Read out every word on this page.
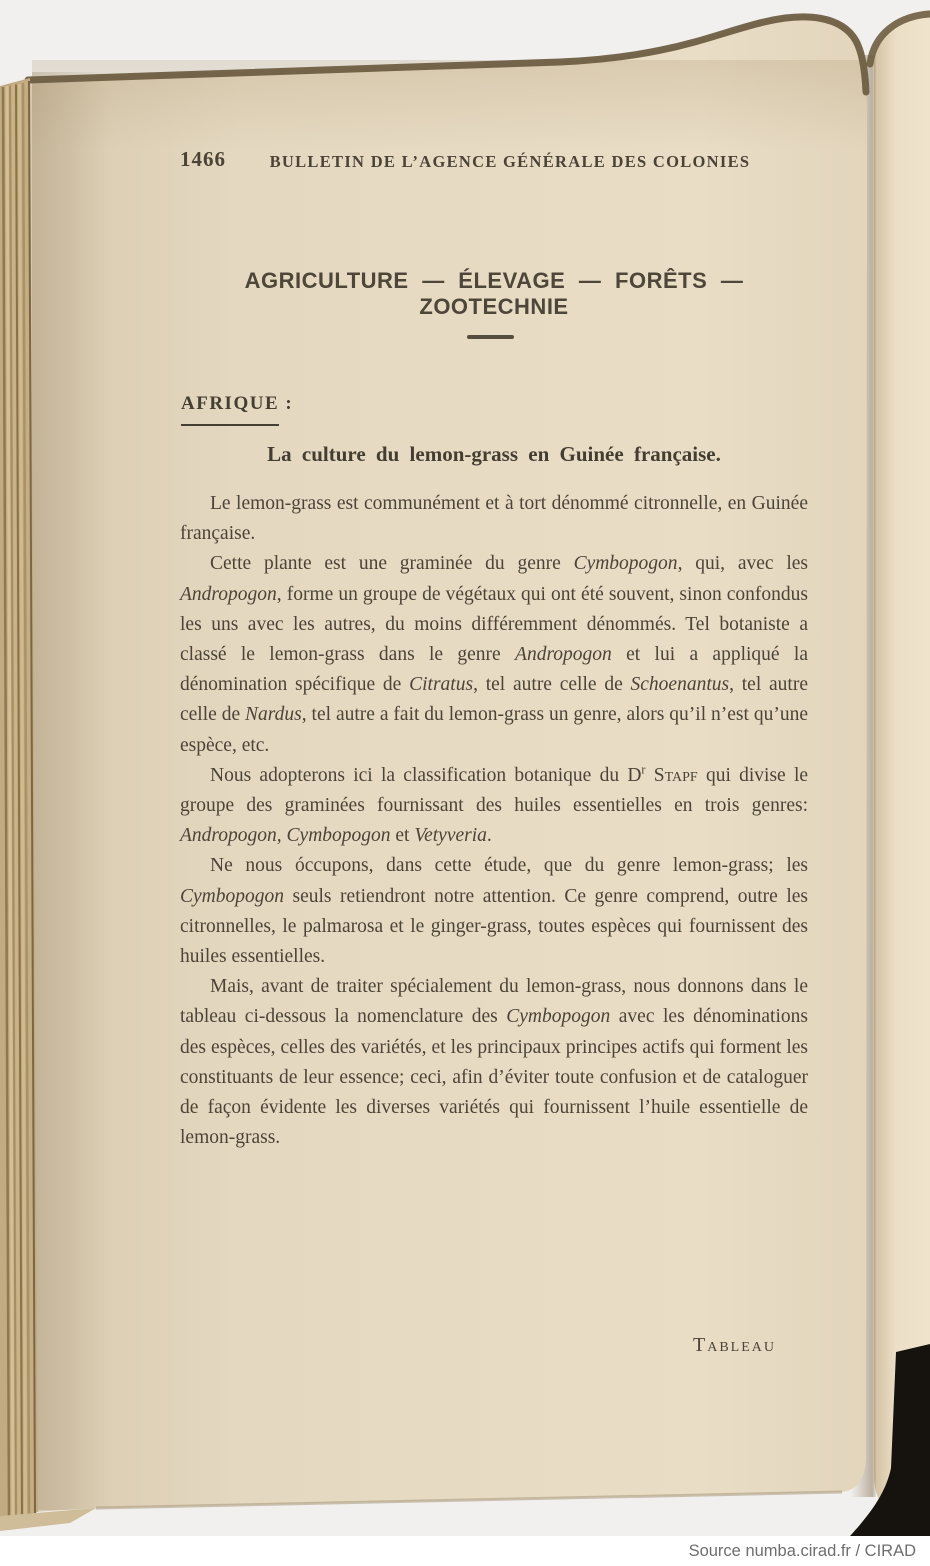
1466	BULLETIN DE L’AGENCE GÉNÉRALE DES COLONIES
AGRICULTURE — ÉLEVAGE — FORÊTS — ZOOTECHNIE
AFRIQUE :
La culture du lemon-grass en Guinée française.

Le lemon-grass est communément et à tort dénommé citronnelle, en Guinée française.

Cette plante est une graminée du genre Cymbopogon, qui, avec les Andropogon, forme un groupe de végétaux qui ont été souvent, sinon confondus les uns avec les autres, du moins différemment dénommés. Tel botaniste a classé le lemon-grass dans le genre Andropogon et lui a appliqué la dénomination spécifique de Citratus, tel autre celle de Schoenantus, tel autre celle de Nardus, tel autre a fait du lemon-grass un genre, alors qu’il n’est qu’une espèce, etc.

Nous adopterons ici la classification botanique du $D^r$ Stapf qui divise le groupe des graminées fournissant des huiles essentielles en trois genres: Andropogon, Cymbopogon et Vetyveria.

Ne nous óccupons, dans cette étude, que du genre lemon-grass; les Cymbopogon seuls retiendront notre attention. Ce genre comprend, outre les citronnelles, le palmarosa et le ginger-grass, toutes espèces qui fournissent des huiles essentielles.

Mais, avant de traiter spécialement du lemon-grass, nous donnons dans le tableau ci-dessous la nomenclature des Cymbopogon avec les dénominations des espèces, celles des variétés, et les principaux principes actifs qui forment les constituants de leur essence; ceci, afin d’éviter toute confusion et de cataloguer de façon évidente les diverses variétés qui fournissent l’huile essentielle de lemon-grass.

Tableau
Source numba.cirad.fr / CIRAD
